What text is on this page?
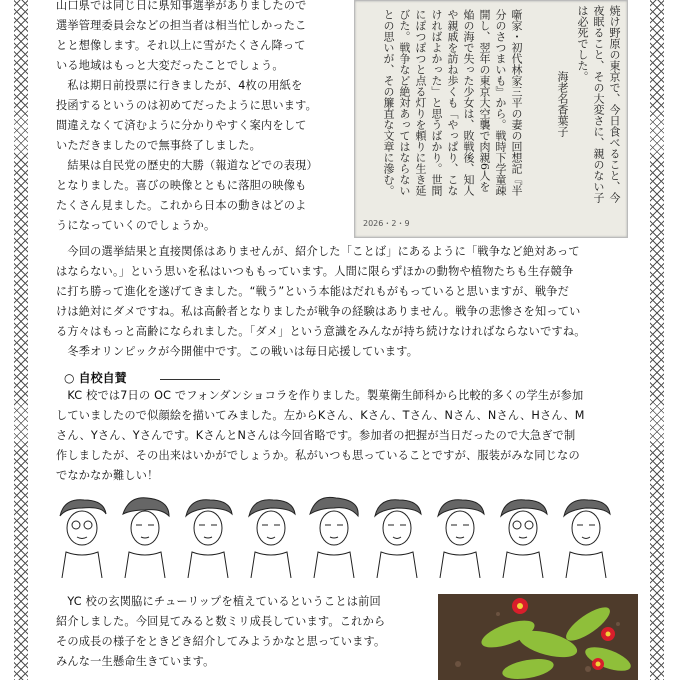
山口県では同じ日に県知事選挙がありましたので

選挙管理委員会などの担当者は相当忙しかったこ

とと想像します。それ以上に雪がたくさん降って

いる地域はもっと大変だったことでしょう。

　私は期日前投票に行きましたが、4枚の用紙を

投函するというのは初めてだったように思います。

間違えなくて済むように分かりやすく案内をして

いただきましたので無事終了しました。

　結果は自民党の歴史的大勝（報道などでの表現）

となりました。喜びの映像とともに落胆の映像も

たくさん見ました。これから日本の動きはどのよ

うになっていくのでしょうか。

焼け野原の東京で、今日食べること、今
夜眠ること、その大変さに、親のない子
は必死でした。
海老名香葉子
噺家・初代林家三平の妻の回想記『半
分のさつまいも』から。戦時下学童疎
開し、翌年の東京大空襲で肉親6人を
焔の海で失った少女は、敗戦後、知人
や親戚を訪ね歩くも「やっぱり、こな
ければよかった」と思うばかり。世間
にぽつぽつと点る灯りを頼りに生き延
びた。戦争など絶対あってはならない
との思いが、その簾直な文章に滲む。
2026・2・9

　今回の選挙結果と直接関係はありませんが、紹介した「ことば」にあるように「戦争など絶対あって

はならない。」という思いを私はいつももっています。人間に限らずほかの動物や植物たちも生存競争

に打ち勝って進化を遂げてきました。“戦う”という本能はだれもがもっていると思いますが、戦争だ

けは絶対にダメですね。私は高齢者となりましたが戦争の経験はありません。戦争の悲惨さを知ってい

る方々はもっと高齢になられました。「ダメ」という意識をみんなが持ち続けなければならないですね。

　冬季オリンピックが今開催中です。この戦いは毎日応援しています。

○ 自校自賛

　KC 校では7日の OC でフォンダンショコラを作りました。製菓衛生師科から比較的多くの学生が参加

していましたので似顔絵を描いてみました。左からKさん、Kさん、Tさん、Nさん、Nさん、Hさん、M

さん、Yさん、Yさんです。KさんとNさんは今回省略です。参加者の把握が当日だったので大急ぎで制

作しましたが、その出来はいかがでしょうか。私がいつも思っていることですが、服装がみな同じなの

でなかなか難しい！

　YC 校の玄関脇にチューリップを植えているということは前回

紹介しました。今回見てみると数ミリ成長しています。これから

その成長の様子をときどき紹介してみようかなと思っています。

みんな一生懸命生きています。
